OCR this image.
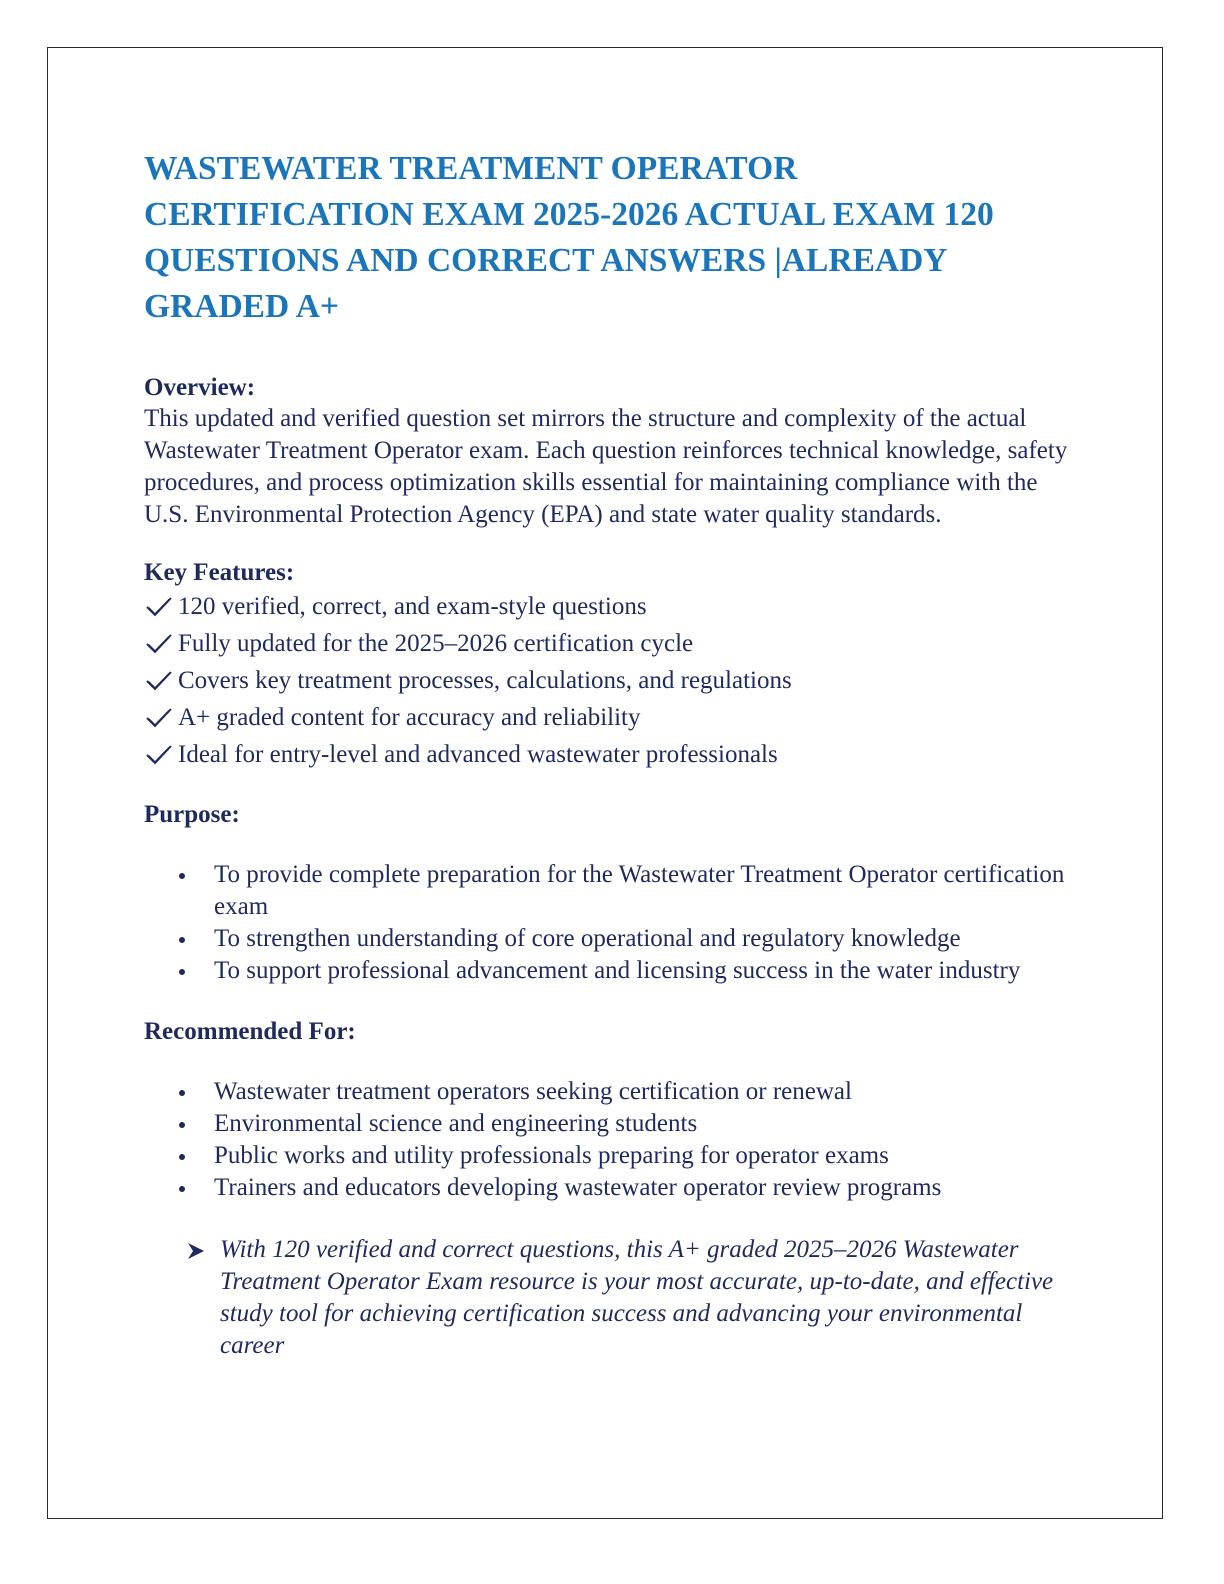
WASTEWATER TREATMENT OPERATOR CERTIFICATION EXAM 2025-2026 ACTUAL EXAM 120 QUESTIONS AND CORRECT ANSWERS |ALREADY GRADED A+
Overview:

This updated and verified question set mirrors the structure and complexity of the actual Wastewater Treatment Operator exam. Each question reinforces technical knowledge, safety procedures, and process optimization skills essential for maintaining compliance with the U.S. Environmental Protection Agency (EPA) and state water quality standards.

Key Features:
120 verified, correct, and exam-style questions
Fully updated for the 2025–2026 certification cycle
Covers key treatment processes, calculations, and regulations
A+ graded content for accuracy and reliability
Ideal for entry-level and advanced wastewater professionals
Purpose:
To provide complete preparation for the Wastewater Treatment Operator certification exam
To strengthen understanding of core operational and regulatory knowledge
To support professional advancement and licensing success in the water industry
Recommended For:
Wastewater treatment operators seeking certification or renewal
Environmental science and engineering students
Public works and utility professionals preparing for operator exams
Trainers and educators developing wastewater operator review programs

With 120 verified and correct questions, this A+ graded 2025–2026 Wastewater Treatment Operator Exam resource is your most accurate, up-to-date, and effective study tool for achieving certification success and advancing your environmental career
